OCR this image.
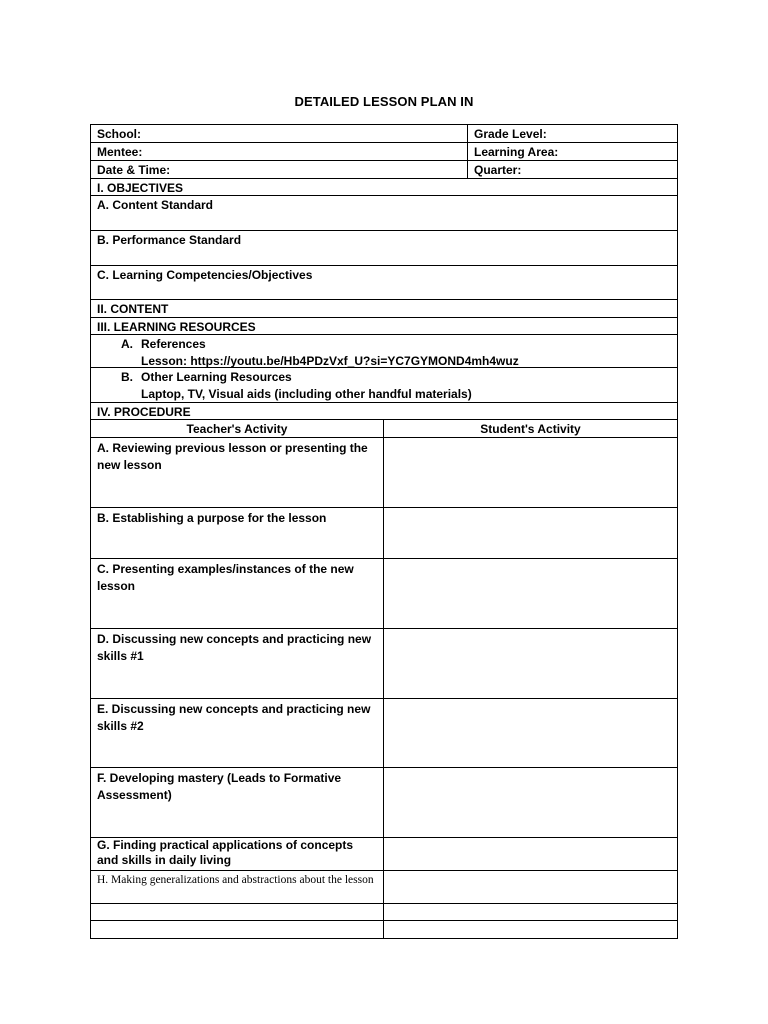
DETAILED LESSON PLAN IN
School:	Grade Level:
Mentee:	Learning Area:
Date & Time:	Quarter:
I. OBJECTIVES
A. Content Standard
B. Performance Standard
C. Learning Competencies/Objectives
II. CONTENT
III. LEARNING RESOURCES
A. References
Lesson: https://youtu.be/Hb4PDzVxf_U?si=YC7GYMOND4mh4wuz
B. Other Learning Resources
Laptop, TV, Visual aids (including other handful materials)
IV. PROCEDURE
Teacher's Activity	Student's Activity
A. Reviewing previous lesson or presenting the new lesson
B. Establishing a purpose for the lesson
C. Presenting examples/instances of the new lesson
D. Discussing new concepts and practicing new skills #1
E. Discussing new concepts and practicing new skills #2
F. Developing mastery (Leads to Formative Assessment)
G. Finding practical applications of concepts and skills in daily living
H. Making generalizations and abstractions about the lesson
